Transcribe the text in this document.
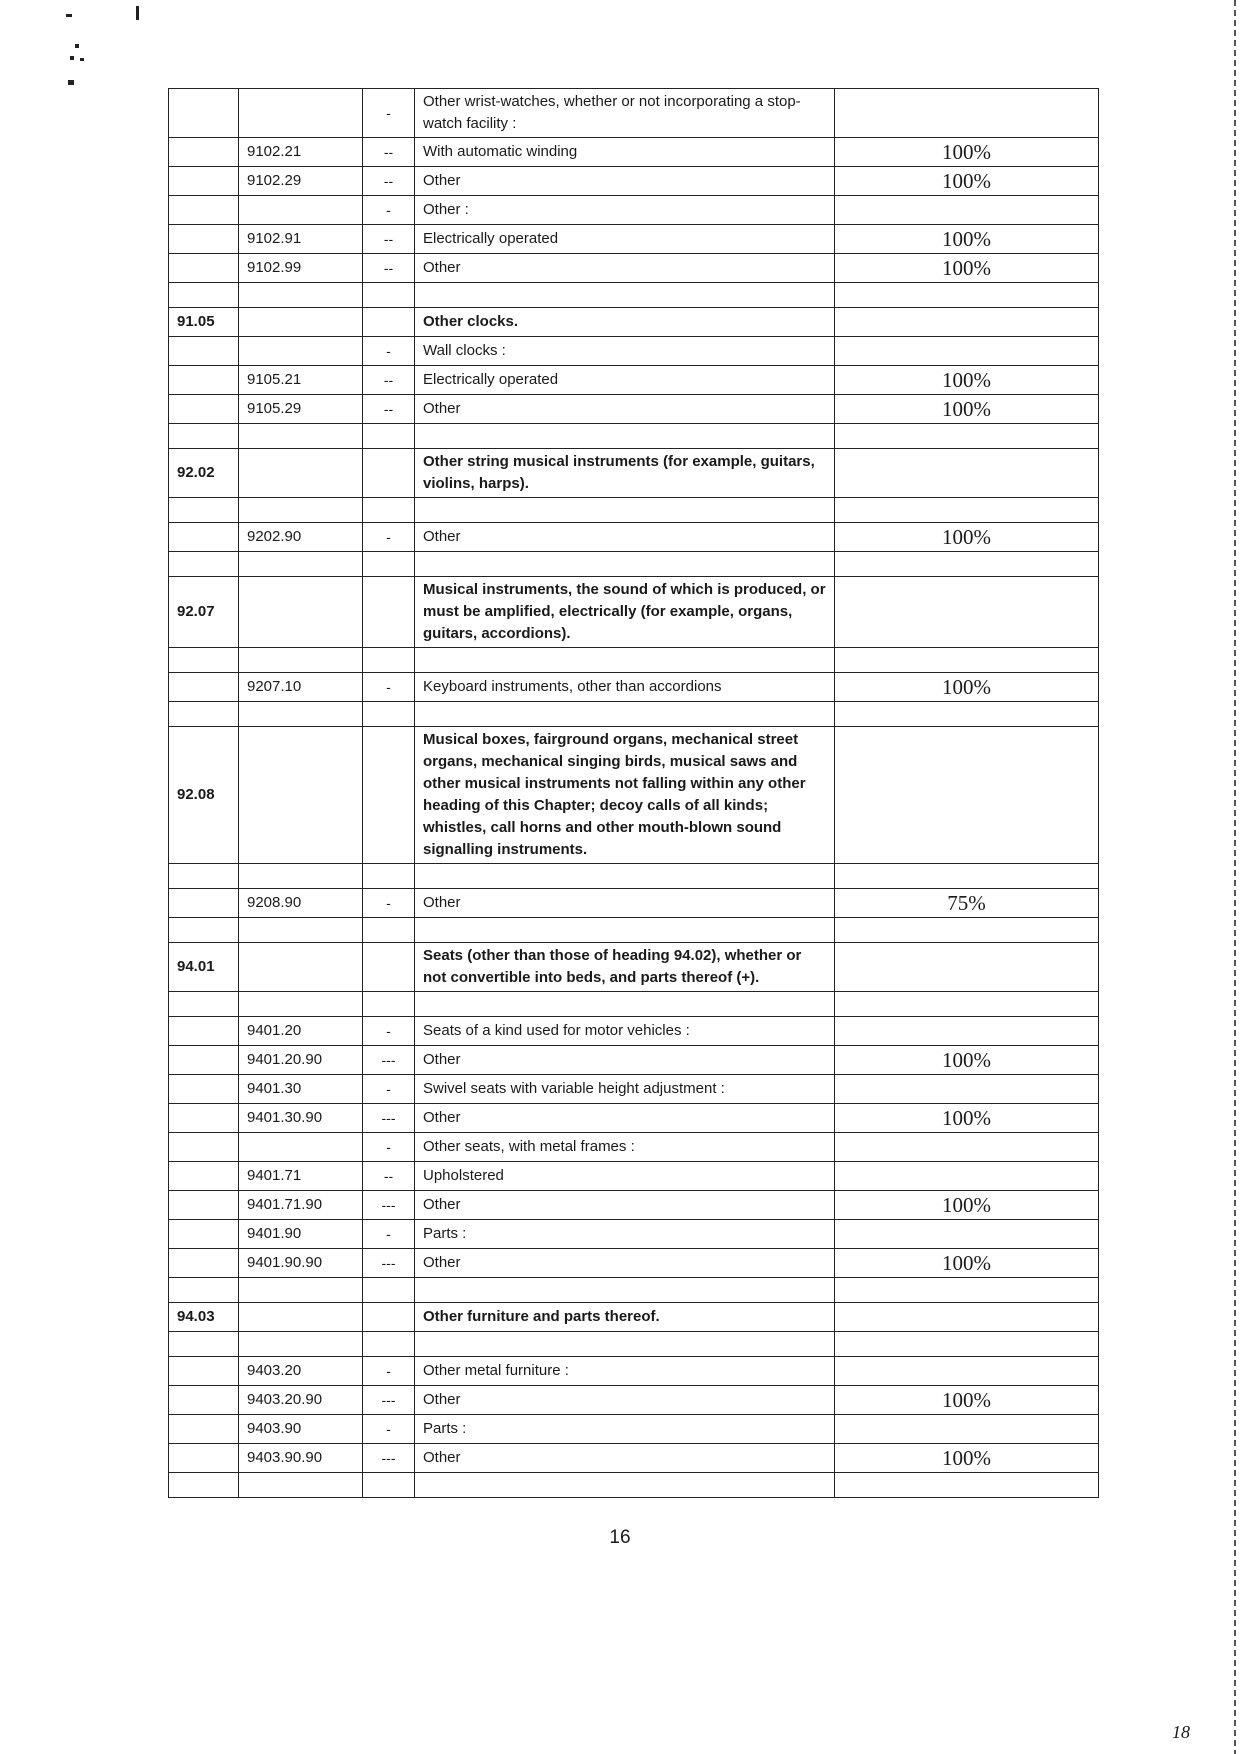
		-	Other wrist-watches, whether or not incorporating a stop-watch facility :	
	9102.21	--	With automatic winding	100%
	9102.29	--	Other	100%
		-	Other :	
	9102.91	--	Electrically operated	100%
	9102.99	--	Other	100%

91.05			Other clocks.	
		-	Wall clocks :	
	9105.21	--	Electrically operated	100%
	9105.29	--	Other	100%

92.02			Other string musical instruments (for example, guitars, violins, harps).	

	9202.90	-	Other	100%

92.07			Musical instruments, the sound of which is produced, or must be amplified, electrically (for example, organs, guitars, accordions).	

	9207.10	-	Keyboard instruments, other than accordions	100%

92.08			Musical boxes, fairground organs, mechanical street organs, mechanical singing birds, musical saws and other musical instruments not falling within any other heading of this Chapter; decoy calls of all kinds; whistles, call horns and other mouth-blown sound signalling instruments.	

	9208.90	-	Other	75%

94.01			Seats (other than those of heading 94.02), whether or not convertible into beds, and parts thereof (+).	

	9401.20	-	Seats of a kind used for motor vehicles :	
	9401.20.90	---	Other	100%
	9401.30	-	Swivel seats with variable height adjustment :	
	9401.30.90	---	Other	100%
		-	Other seats, with metal frames :	
	9401.71	--	Upholstered	
	9401.71.90	---	Other	100%
	9401.90	-	Parts :	
	9401.90.90	---	Other	100%

94.03			Other furniture and parts thereof.	

	9403.20	-	Other metal furniture :	
	9403.20.90	---	Other	100%
	9403.90	-	Parts :	
	9403.90.90	---	Other	100%

16
18
